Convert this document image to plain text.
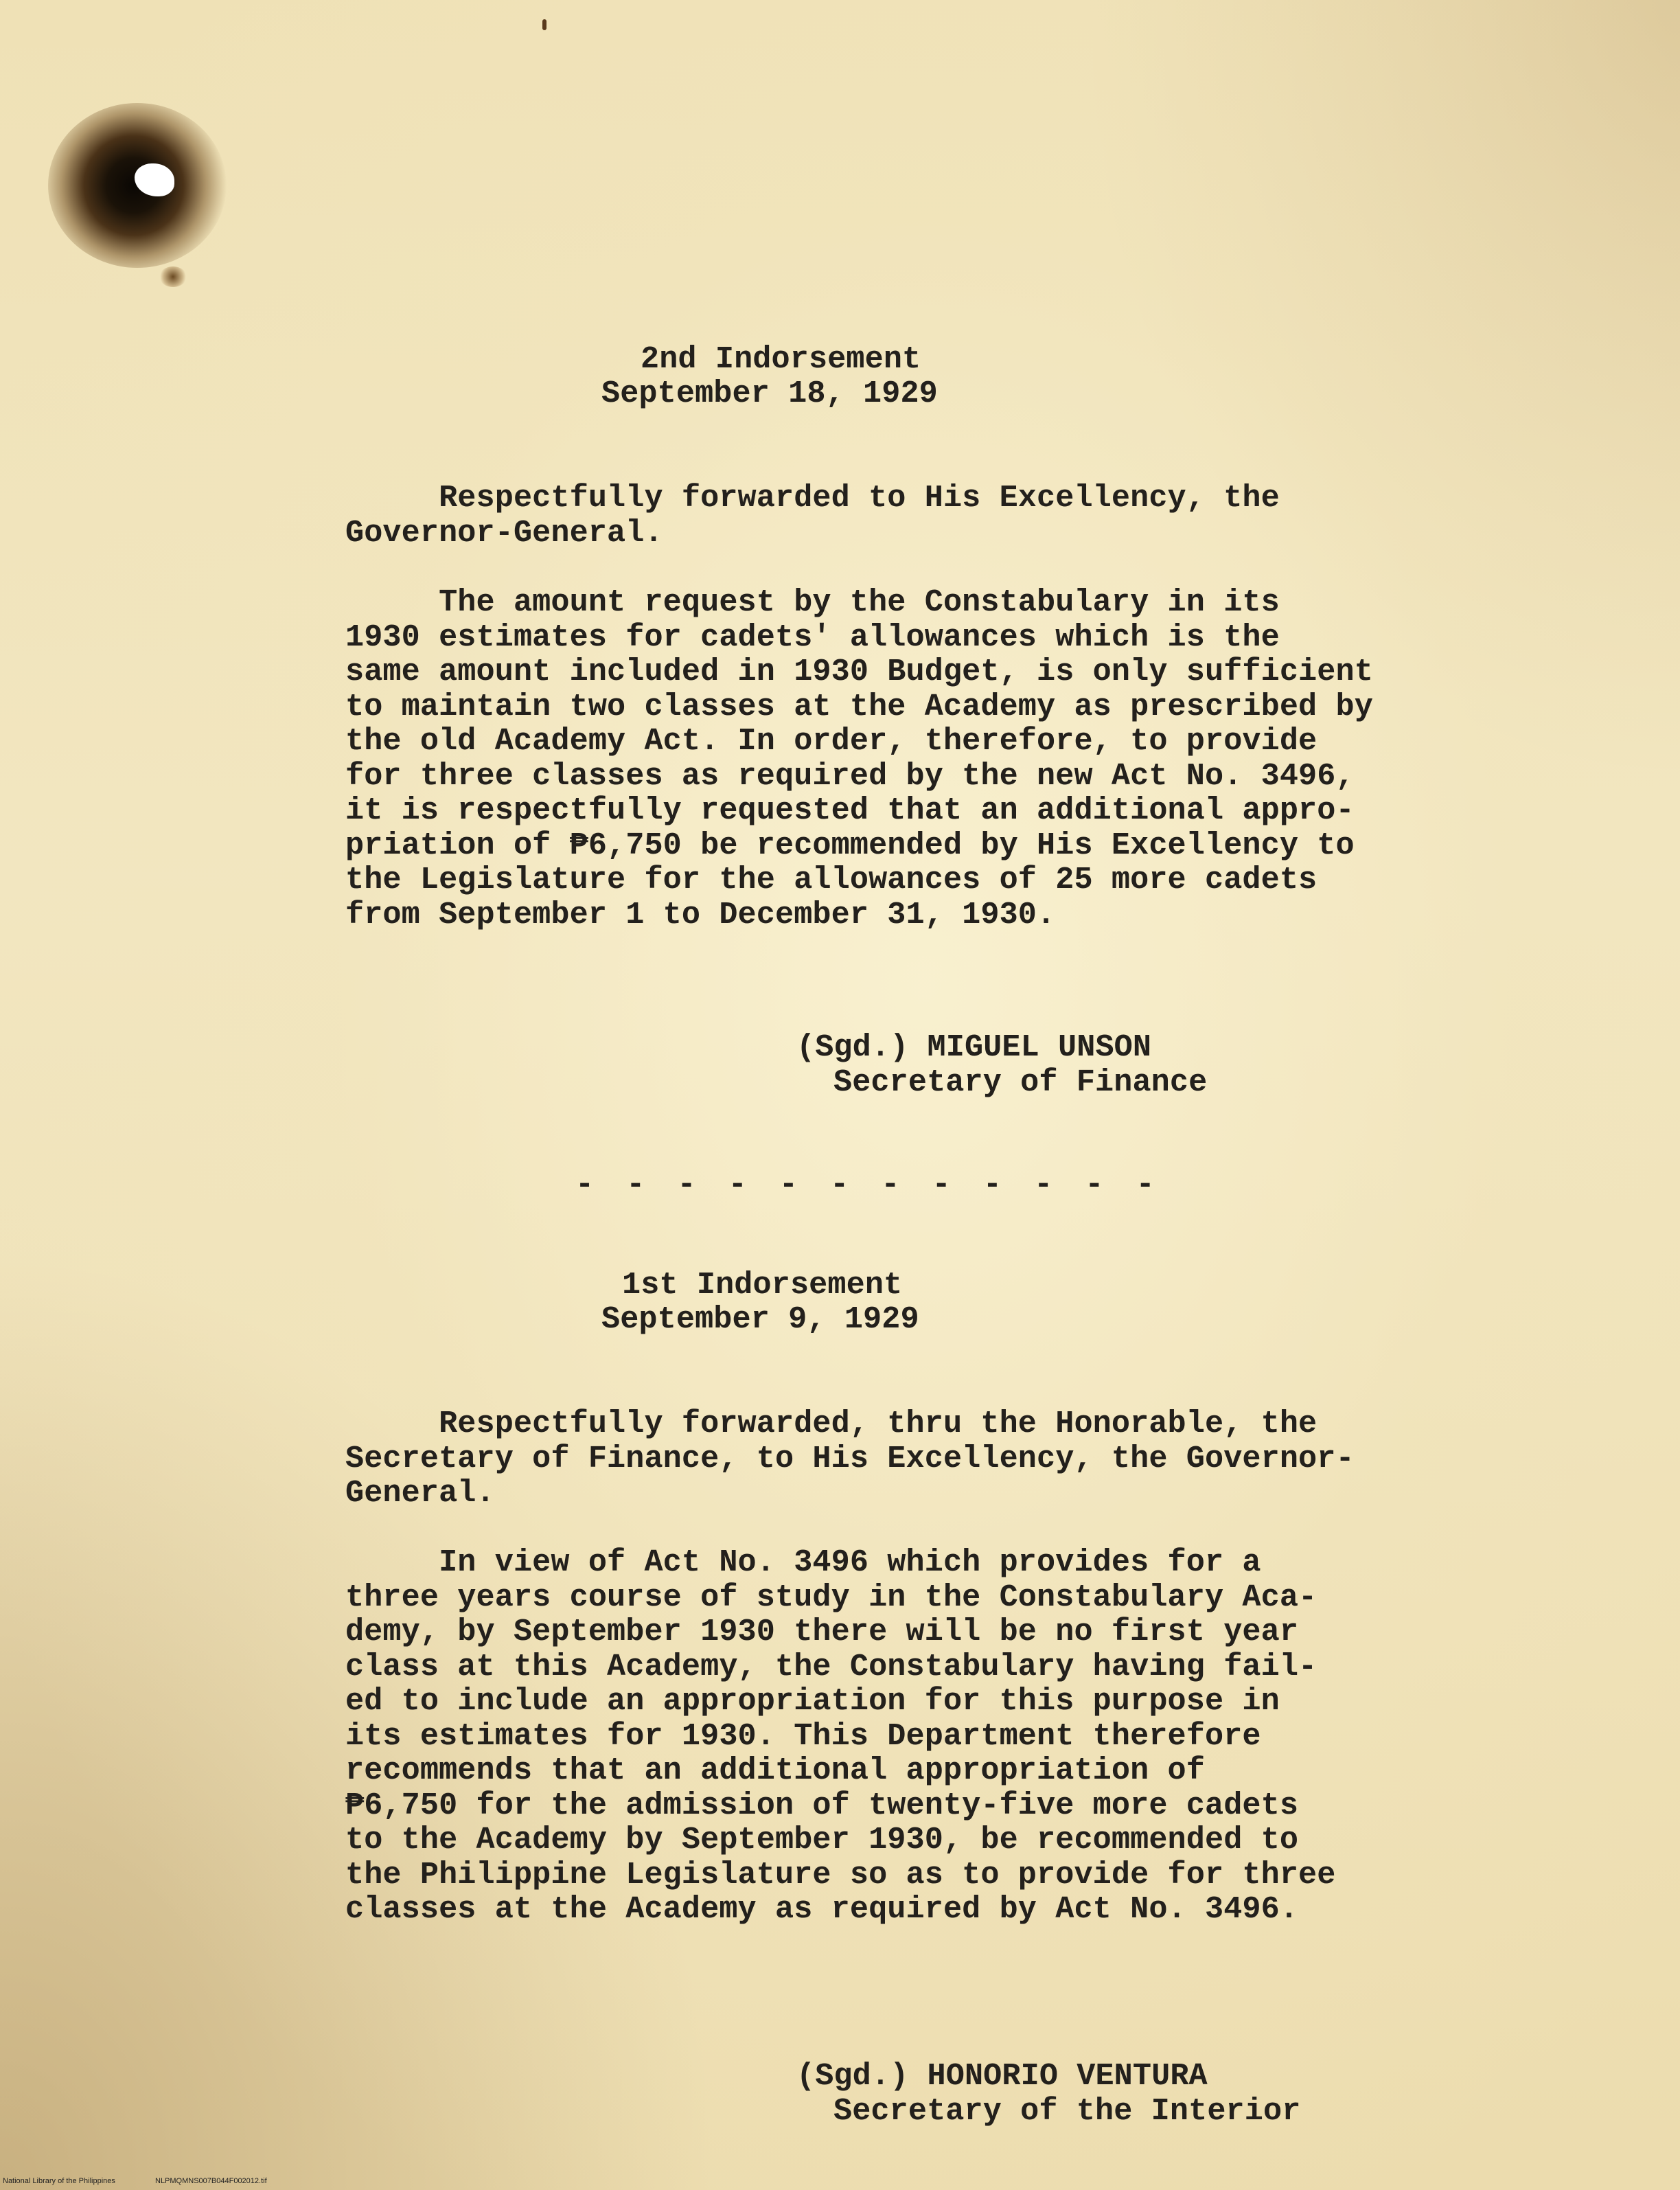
2nd Indorsement
September 18, 1929
Respectfully forwarded to His Excellency, the
Governor-General.
The amount request by the Constabulary in its
1930 estimates for cadets' allowances which is the
same amount included in 1930 Budget, is only sufficient
to maintain two classes at the Academy as prescribed by
the old Academy Act. In order, therefore, to provide
for three classes as required by the new Act No. 3496,
it is respectfully requested that an additional appro-
priation of ₱6,750 be recommended by His Excellency to
the Legislature for the allowances of 25 more cadets
from September 1 to December 31, 1930.
(Sgd.) MIGUEL UNSON
Secretary of Finance
- - - - - - - - - - - -
1st Indorsement
September 9, 1929
Respectfully forwarded, thru the Honorable, the
Secretary of Finance, to His Excellency, the Governor-
General.
In view of Act No. 3496 which provides for a
three years course of study in the Constabulary Aca-
demy, by September 1930 there will be no first year
class at this Academy, the Constabulary having fail-
ed to include an appropriation for this purpose in
its estimates for 1930. This Department therefore
recommends that an additional appropriation of
₱6,750 for the admission of twenty-five more cadets
to the Academy by September 1930, be recommended to
the Philippine Legislature so as to provide for three
classes at the Academy as required by Act No. 3496.
(Sgd.) HONORIO VENTURA
Secretary of the Interior
National Library of the Philippines	NLPMQMNS007B044F002012.tif
